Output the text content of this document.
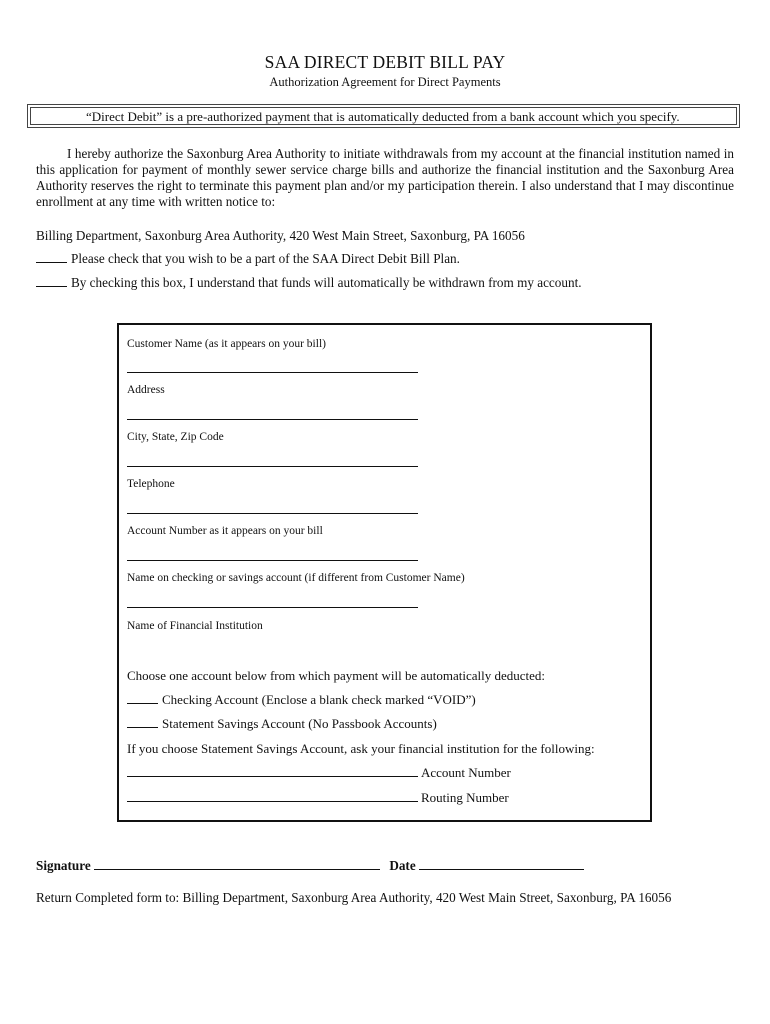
SAA DIRECT DEBIT BILL PAY
Authorization Agreement for Direct Payments
“Direct Debit” is a pre-authorized payment that is automatically deducted from a bank account which you specify.
I hereby authorize the Saxonburg Area Authority to initiate withdrawals from my account at the financial institution named in this application for payment of monthly sewer service charge bills and authorize the financial institution and the Saxonburg Area Authority reserves the right to terminate this payment plan and/or my participation therein. I also understand that I may discontinue enrollment at any time with written notice to:
Billing Department, Saxonburg Area Authority, 420 West Main Street, Saxonburg, PA 16056
Please check that you wish to be a part of the SAA Direct Debit Bill Plan.
By checking this box, I understand that funds will automatically be withdrawn from my account.
Customer Name (as it appears on your bill)
Address
City, State, Zip Code
Telephone
Account Number as it appears on your bill
Name on checking or savings account (if different from Customer Name)
Name of Financial Institution
Choose one account below from which payment will be automatically deducted:
Checking Account (Enclose a blank check marked “VOID”)
Statement Savings Account (No Passbook Accounts)
If you choose Statement Savings Account, ask your financial institution for the following:
Account Number
Routing Number
Signature	Date
Return Completed form to: Billing Department, Saxonburg Area Authority, 420 West Main Street, Saxonburg, PA 16056
